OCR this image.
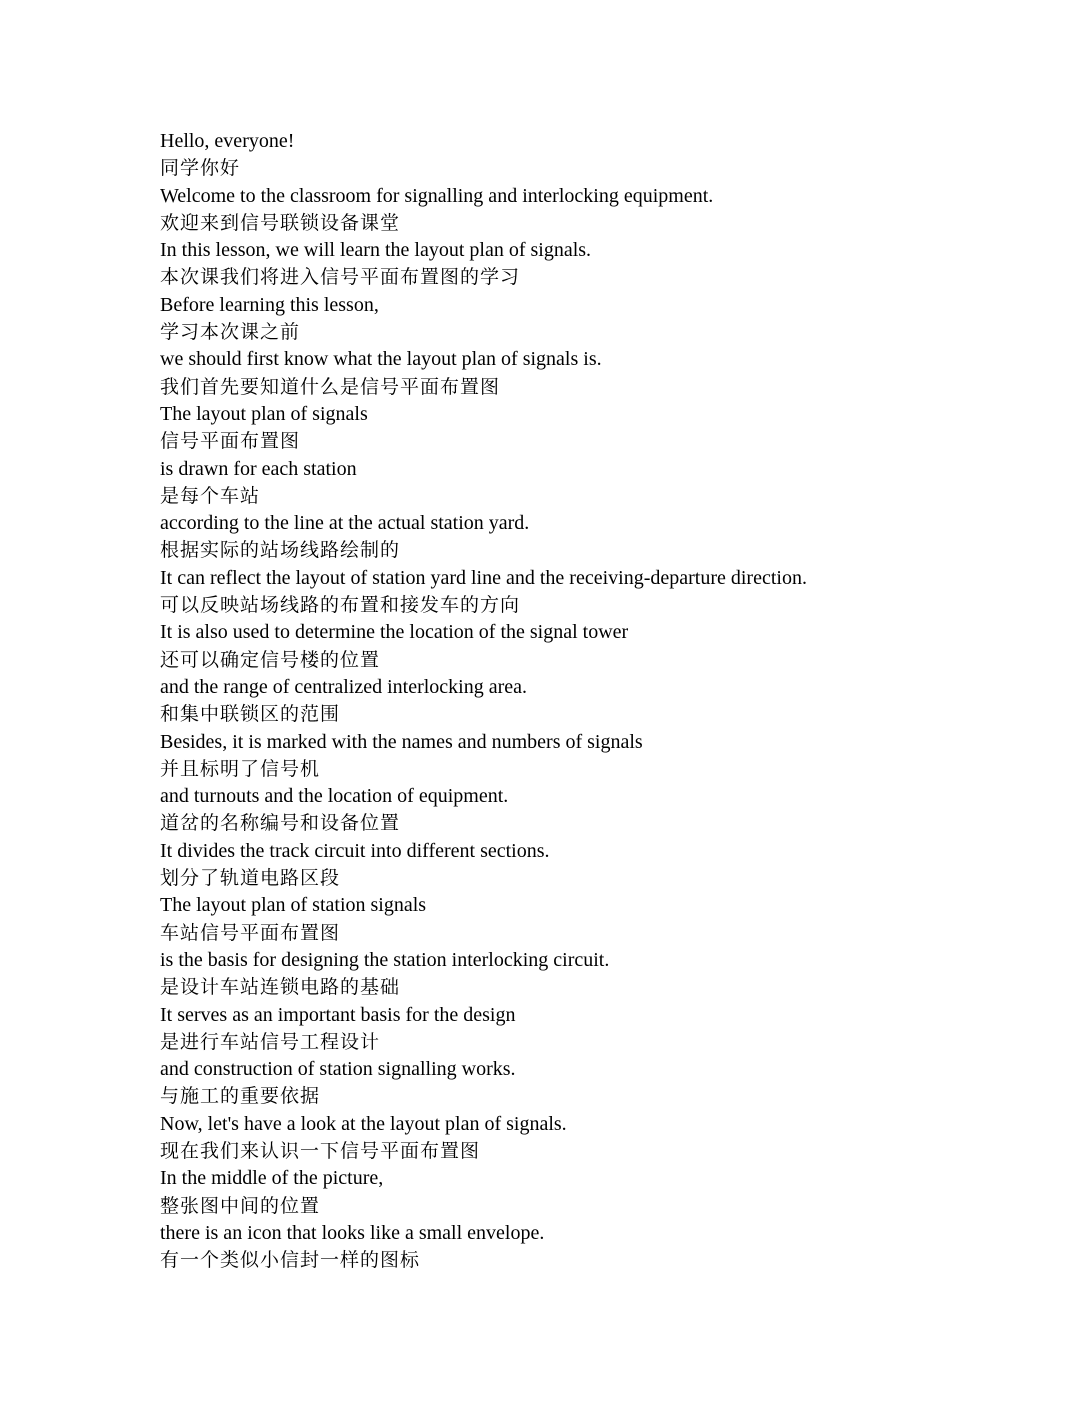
Hello, everyone!
同学你好
Welcome to the classroom for signalling and interlocking equipment.
欢迎来到信号联锁设备课堂
In this lesson, we will learn the layout plan of signals.
本次课我们将进入信号平面布置图的学习
Before learning this lesson,
学习本次课之前
we should first know what the layout plan of signals is.
我们首先要知道什么是信号平面布置图
The layout plan of signals
信号平面布置图
is drawn for each station
是每个车站
according to the line at the actual station yard.
根据实际的站场线路绘制的
It can reflect the layout of station yard line and the receiving-departure direction.
可以反映站场线路的布置和接发车的方向
It is also used to determine the location of the signal tower
还可以确定信号楼的位置
and the range of centralized interlocking area.
和集中联锁区的范围
Besides, it is marked with the names and numbers of signals
并且标明了信号机
and turnouts and the location of equipment.
道岔的名称编号和设备位置
It divides the track circuit into different sections.
划分了轨道电路区段
The layout plan of station signals
车站信号平面布置图
is the basis for designing the station interlocking circuit.
是设计车站连锁电路的基础
It serves as an important basis for the design
是进行车站信号工程设计
and construction of station signalling works.
与施工的重要依据
Now, let's have a look at the layout plan of signals.
现在我们来认识一下信号平面布置图
In the middle of the picture,
整张图中间的位置
there is an icon that looks like a small envelope.
有一个类似小信封一样的图标
